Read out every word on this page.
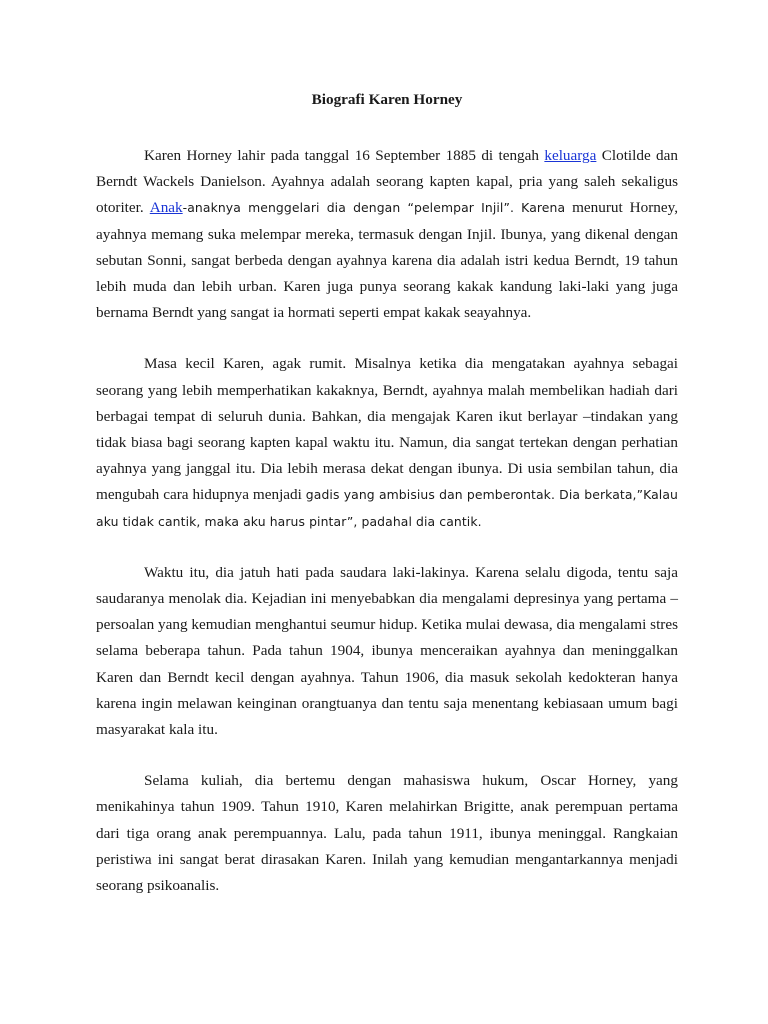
Biografi Karen Horney

Karen Horney lahir pada tanggal 16 September 1885 di tengah keluarga Clotilde dan Berndt Wackels Danielson. Ayahnya adalah seorang kapten kapal, pria yang saleh sekaligus otoriter. Anak-anaknya menggelari dia dengan “pelempar Injil”. Karena menurut Horney, ayahnya memang suka melempar mereka, termasuk dengan Injil. Ibunya, yang dikenal dengan sebutan Sonni, sangat berbeda dengan ayahnya karena dia adalah istri kedua Berndt, 19 tahun lebih muda dan lebih urban. Karen juga punya seorang kakak kandung laki-laki yang juga bernama Berndt yang sangat ia hormati seperti empat kakak seayahnya.

Masa kecil Karen, agak rumit. Misalnya ketika dia mengatakan ayahnya sebagai seorang yang lebih memperhatikan kakaknya, Berndt, ayahnya malah membelikan hadiah dari berbagai tempat di seluruh dunia. Bahkan, dia mengajak Karen ikut berlayar –tindakan yang tidak biasa bagi seorang kapten kapal waktu itu. Namun, dia sangat tertekan dengan perhatian ayahnya yang janggal itu. Dia lebih merasa dekat dengan ibunya. Di usia sembilan tahun, dia mengubah cara hidupnya menjadi gadis yang ambisius dan pemberontak. Dia berkata,”Kalau aku tidak cantik, maka aku harus pintar”, padahal dia cantik.

Waktu itu, dia jatuh hati pada saudara laki-lakinya. Karena selalu digoda, tentu saja saudaranya menolak dia. Kejadian ini menyebabkan dia mengalami depresinya yang pertama – persoalan yang kemudian menghantui seumur hidup. Ketika mulai dewasa, dia mengalami stres selama beberapa tahun. Pada tahun 1904, ibunya menceraikan ayahnya dan meninggalkan Karen dan Berndt kecil dengan ayahnya. Tahun 1906, dia masuk sekolah kedokteran hanya karena ingin melawan keinginan orangtuanya dan tentu saja menentang kebiasaan umum bagi masyarakat kala itu.

Selama kuliah, dia bertemu dengan mahasiswa hukum, Oscar Horney, yang menikahinya tahun 1909. Tahun 1910, Karen melahirkan Brigitte, anak perempuan pertama dari tiga orang anak perempuannya. Lalu, pada tahun 1911, ibunya meninggal. Rangkaian peristiwa ini sangat berat dirasakan Karen. Inilah yang kemudian mengantarkannya menjadi seorang psikoanalis.
